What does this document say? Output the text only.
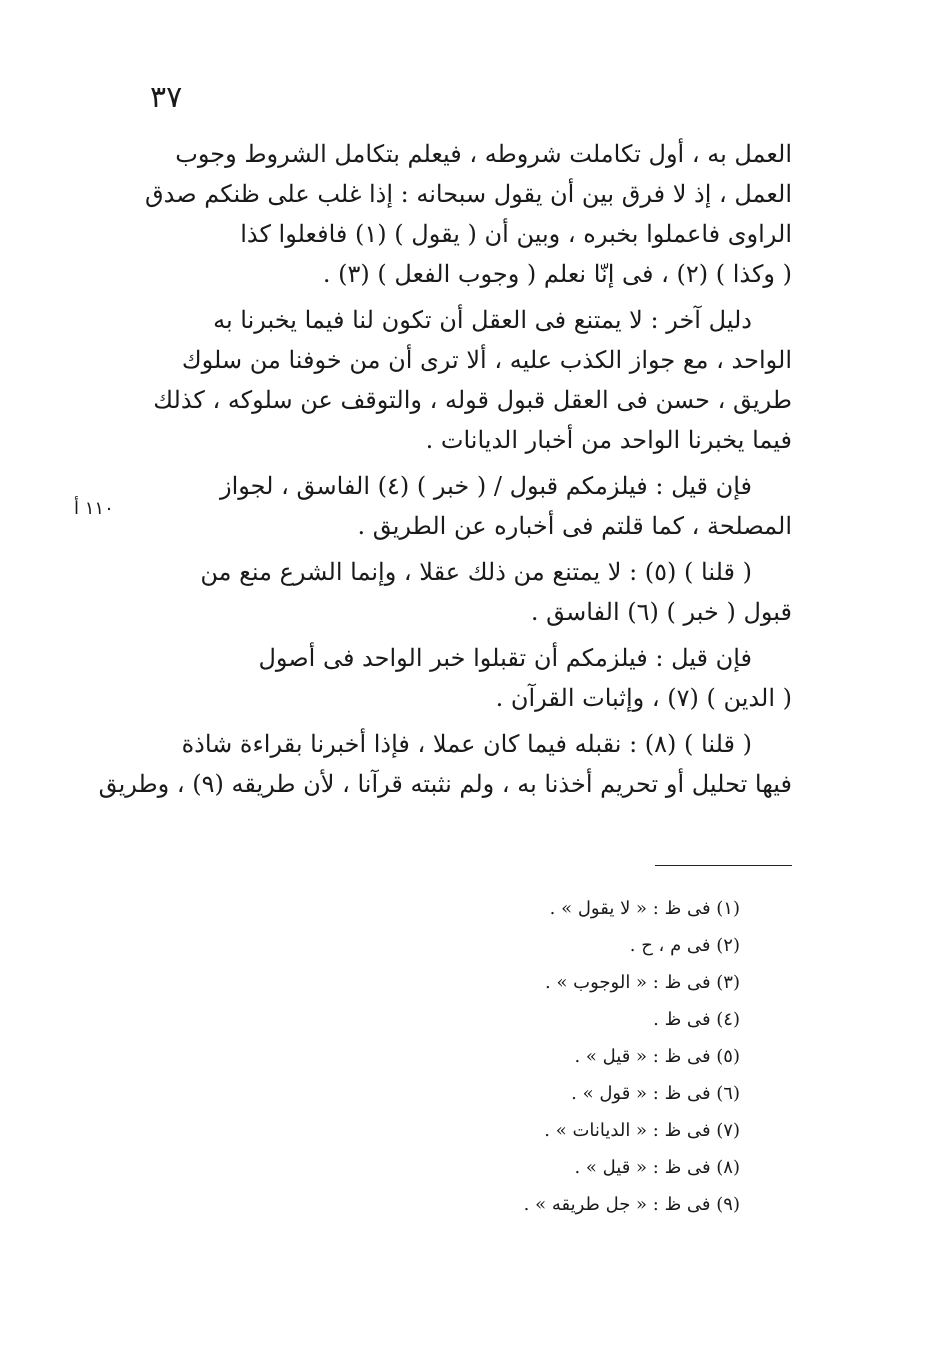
٣٧
١١٠ أ
العمل به ، أول تكاملت شروطه ، فيعلم بتكامل الشروط وجوب
العمل ، إذ لا فرق بين أن يقول سبحانه : إذا غلب على ظنكم صدق
الراوى فاعملوا بخبره ، وبين أن ( يقول ) (١) فافعلوا كذا
( وكذا ) (٢) ، فى إنّا نعلم ( وجوب الفعل ) (٣) .
دليل آخر : لا يمتنع فى العقل أن تكون لنا فيما يخبرنا به
الواحد ، مع جواز الكذب عليه ، ألا ترى أن من خوفنا من سلوك
طريق ، حسن فى العقل قبول قوله ، والتوقف عن سلوكه ، كذلك
فيما يخبرنا الواحد من أخبار الديانات .
فإن قيل : فيلزمكم قبول / ( خبر ) (٤) الفاسق ، لجواز
المصلحة ، كما قلتم فى أخباره عن الطريق .
( قلنا ) (٥) : لا يمتنع من ذلك عقلا ، وإنما الشرع منع من
قبول ( خبر ) (٦) الفاسق .
فإن قيل : فيلزمكم أن تقبلوا خبر الواحد فى أصول
( الدين ) (٧) ، وإثبات القرآن .
( قلنا ) (٨) : نقبله فيما كان عملا ، فإذا أخبرنا بقراءة شاذة
فيها تحليل أو تحريم أخذنا به ، ولم نثبته قرآنا ، لأن طريقه (٩) ، وطريق
(١) فى ظ : « لا يقول » .
(٢) فى م ، ح .
(٣) فى ظ : « الوجوب » .
(٤) فى ظ .
(٥) فى ظ : « قيل » .
(٦) فى ظ : « قول » .
(٧) فى ظ : « الديانات » .
(٨) فى ظ : « قيل » .
(٩) فى ظ : « جل طريقه » .
